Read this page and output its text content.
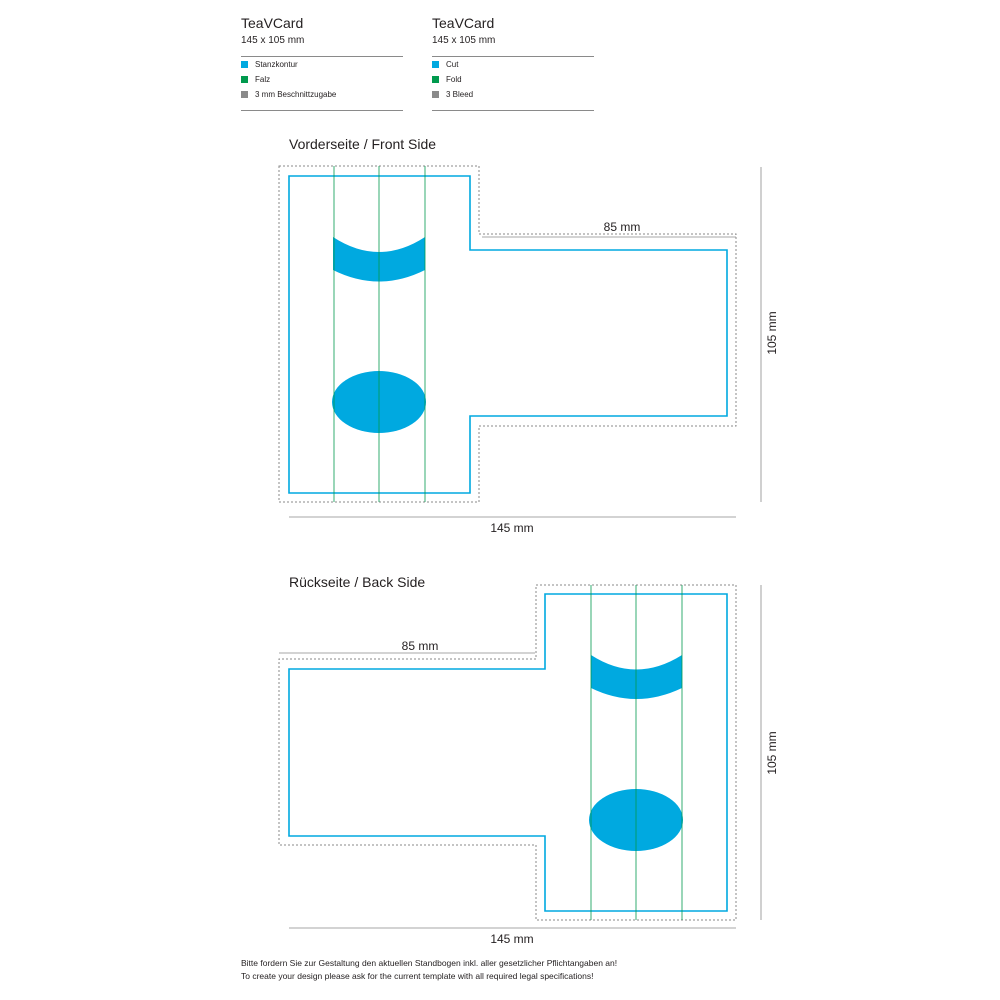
TeaVCard
145 x 105 mm
Stanzkontur
Falz
3 mm Beschnittzugabe
TeaVCard
145 x 105 mm
Cut
Fold
3 Bleed
Vorderseite / Front Side
Rückseite / Back Side
85 mm
105 mm
145 mm
85 mm
105 mm
145 mm
Bitte fordern Sie zur Gestaltung den aktuellen Standbogen inkl. aller gesetzlicher Pflichtangaben an!
To create your design please ask for the current template with all required legal specifications!
